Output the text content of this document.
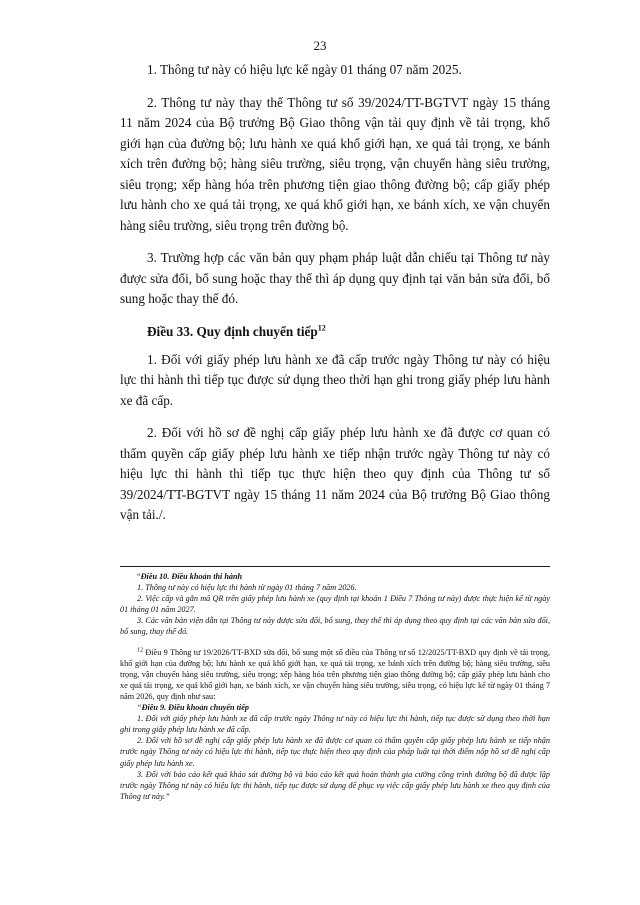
23

1. Thông tư này có hiệu lực kể ngày 01 tháng 07 năm 2025.

2. Thông tư này thay thế Thông tư số 39/2024/TT-BGTVT ngày 15 tháng 11 năm 2024 của Bộ trưởng Bộ Giao thông vận tải quy định về tải trọng, khổ giới hạn của đường bộ; lưu hành xe quá khổ giới hạn, xe quá tải trọng, xe bánh xích trên đường bộ; hàng siêu trường, siêu trọng, vận chuyển hàng siêu trường, siêu trọng; xếp hàng hóa trên phương tiện giao thông đường bộ; cấp giấy phép lưu hành cho xe quá tải trọng, xe quá khổ giới hạn, xe bánh xích, xe vận chuyển hàng siêu trường, siêu trọng trên đường bộ.

3. Trường hợp các văn bản quy phạm pháp luật dẫn chiếu tại Thông tư này được sửa đổi, bổ sung hoặc thay thế thì áp dụng quy định tại văn bản sửa đổi, bổ sung hoặc thay thế đó.

Điều 33. Quy định chuyển tiếp$^{12}$

1. Đối với giấy phép lưu hành xe đã cấp trước ngày Thông tư này có hiệu lực thi hành thì tiếp tục được sử dụng theo thời hạn ghi trong giấy phép lưu hành xe đã cấp.

2. Đối với hồ sơ đề nghị cấp giấy phép lưu hành xe đã được cơ quan có thẩm quyền cấp giấy phép lưu hành xe tiếp nhận trước ngày Thông tư này có hiệu lực thi hành thì tiếp tục thực hiện theo quy định của Thông tư số 39/2024/TT-BGTVT ngày 15 tháng 11 năm 2024 của Bộ trưởng Bộ Giao thông vận tải./.

“Điều 10. Điều khoản thi hành

1. Thông tư này có hiệu lực thi hành từ ngày 01 tháng 7 năm 2026.

2. Việc cấp và gắn mã QR trên giấy phép lưu hành xe (quy định tại khoản 1 Điều 7 Thông tư này) được thực hiện kể từ ngày 01 tháng 01 năm 2027.

3. Các văn bản viện dẫn tại Thông tư này được sửa đổi, bổ sung, thay thế thì áp dụng theo quy định tại các văn bản sửa đổi, bổ sung, thay thế đó.

$^{12}$ Điều 9 Thông tư 19/2026/TT-BXD sửa đổi, bổ sung một số điều của Thông tư số 12/2025/TT-BXD quy định về tải trọng, khổ giới hạn của đường bộ; lưu hành xe quá khổ giới hạn, xe quá tải trọng, xe bánh xích trên đường bộ; hàng siêu trường, siêu trọng, vận chuyển hàng siêu trường, siêu trọng; xếp hàng hóa trên phương tiện giao thông đường bộ; cấp giấy phép lưu hành cho xe quá tải trọng, xe quá khổ giới hạn, xe bánh xích, xe vận chuyển hàng siêu trường, siêu trọng, có hiệu lực kể từ ngày 01 tháng 7 năm 2026, quy định như sau:

“Điều 9. Điều khoản chuyển tiếp

1. Đối với giấy phép lưu hành xe đã cấp trước ngày Thông tư này có hiệu lực thi hành, tiếp tục được sử dụng theo thời hạn ghi trong giấy phép lưu hành xe đã cấp.

2. Đối với hồ sơ đề nghị cấp giấy phép lưu hành xe đã được cơ quan có thẩm quyền cấp giấy phép lưu hành xe tiếp nhận trước ngày Thông tư này có hiệu lực thi hành, tiếp tục thực hiện theo quy định của pháp luật tại thời điểm nộp hồ sơ đề nghị cấp giấy phép lưu hành xe.

3. Đối với báo cáo kết quả khảo sát đường bộ và báo cáo kết quả hoàn thành gia cường công trình đường bộ đã được lập trước ngày Thông tư này có hiệu lực thi hành, tiếp tục được sử dụng để phục vụ việc cấp giấy phép lưu hành xe theo quy định của Thông tư này.”
